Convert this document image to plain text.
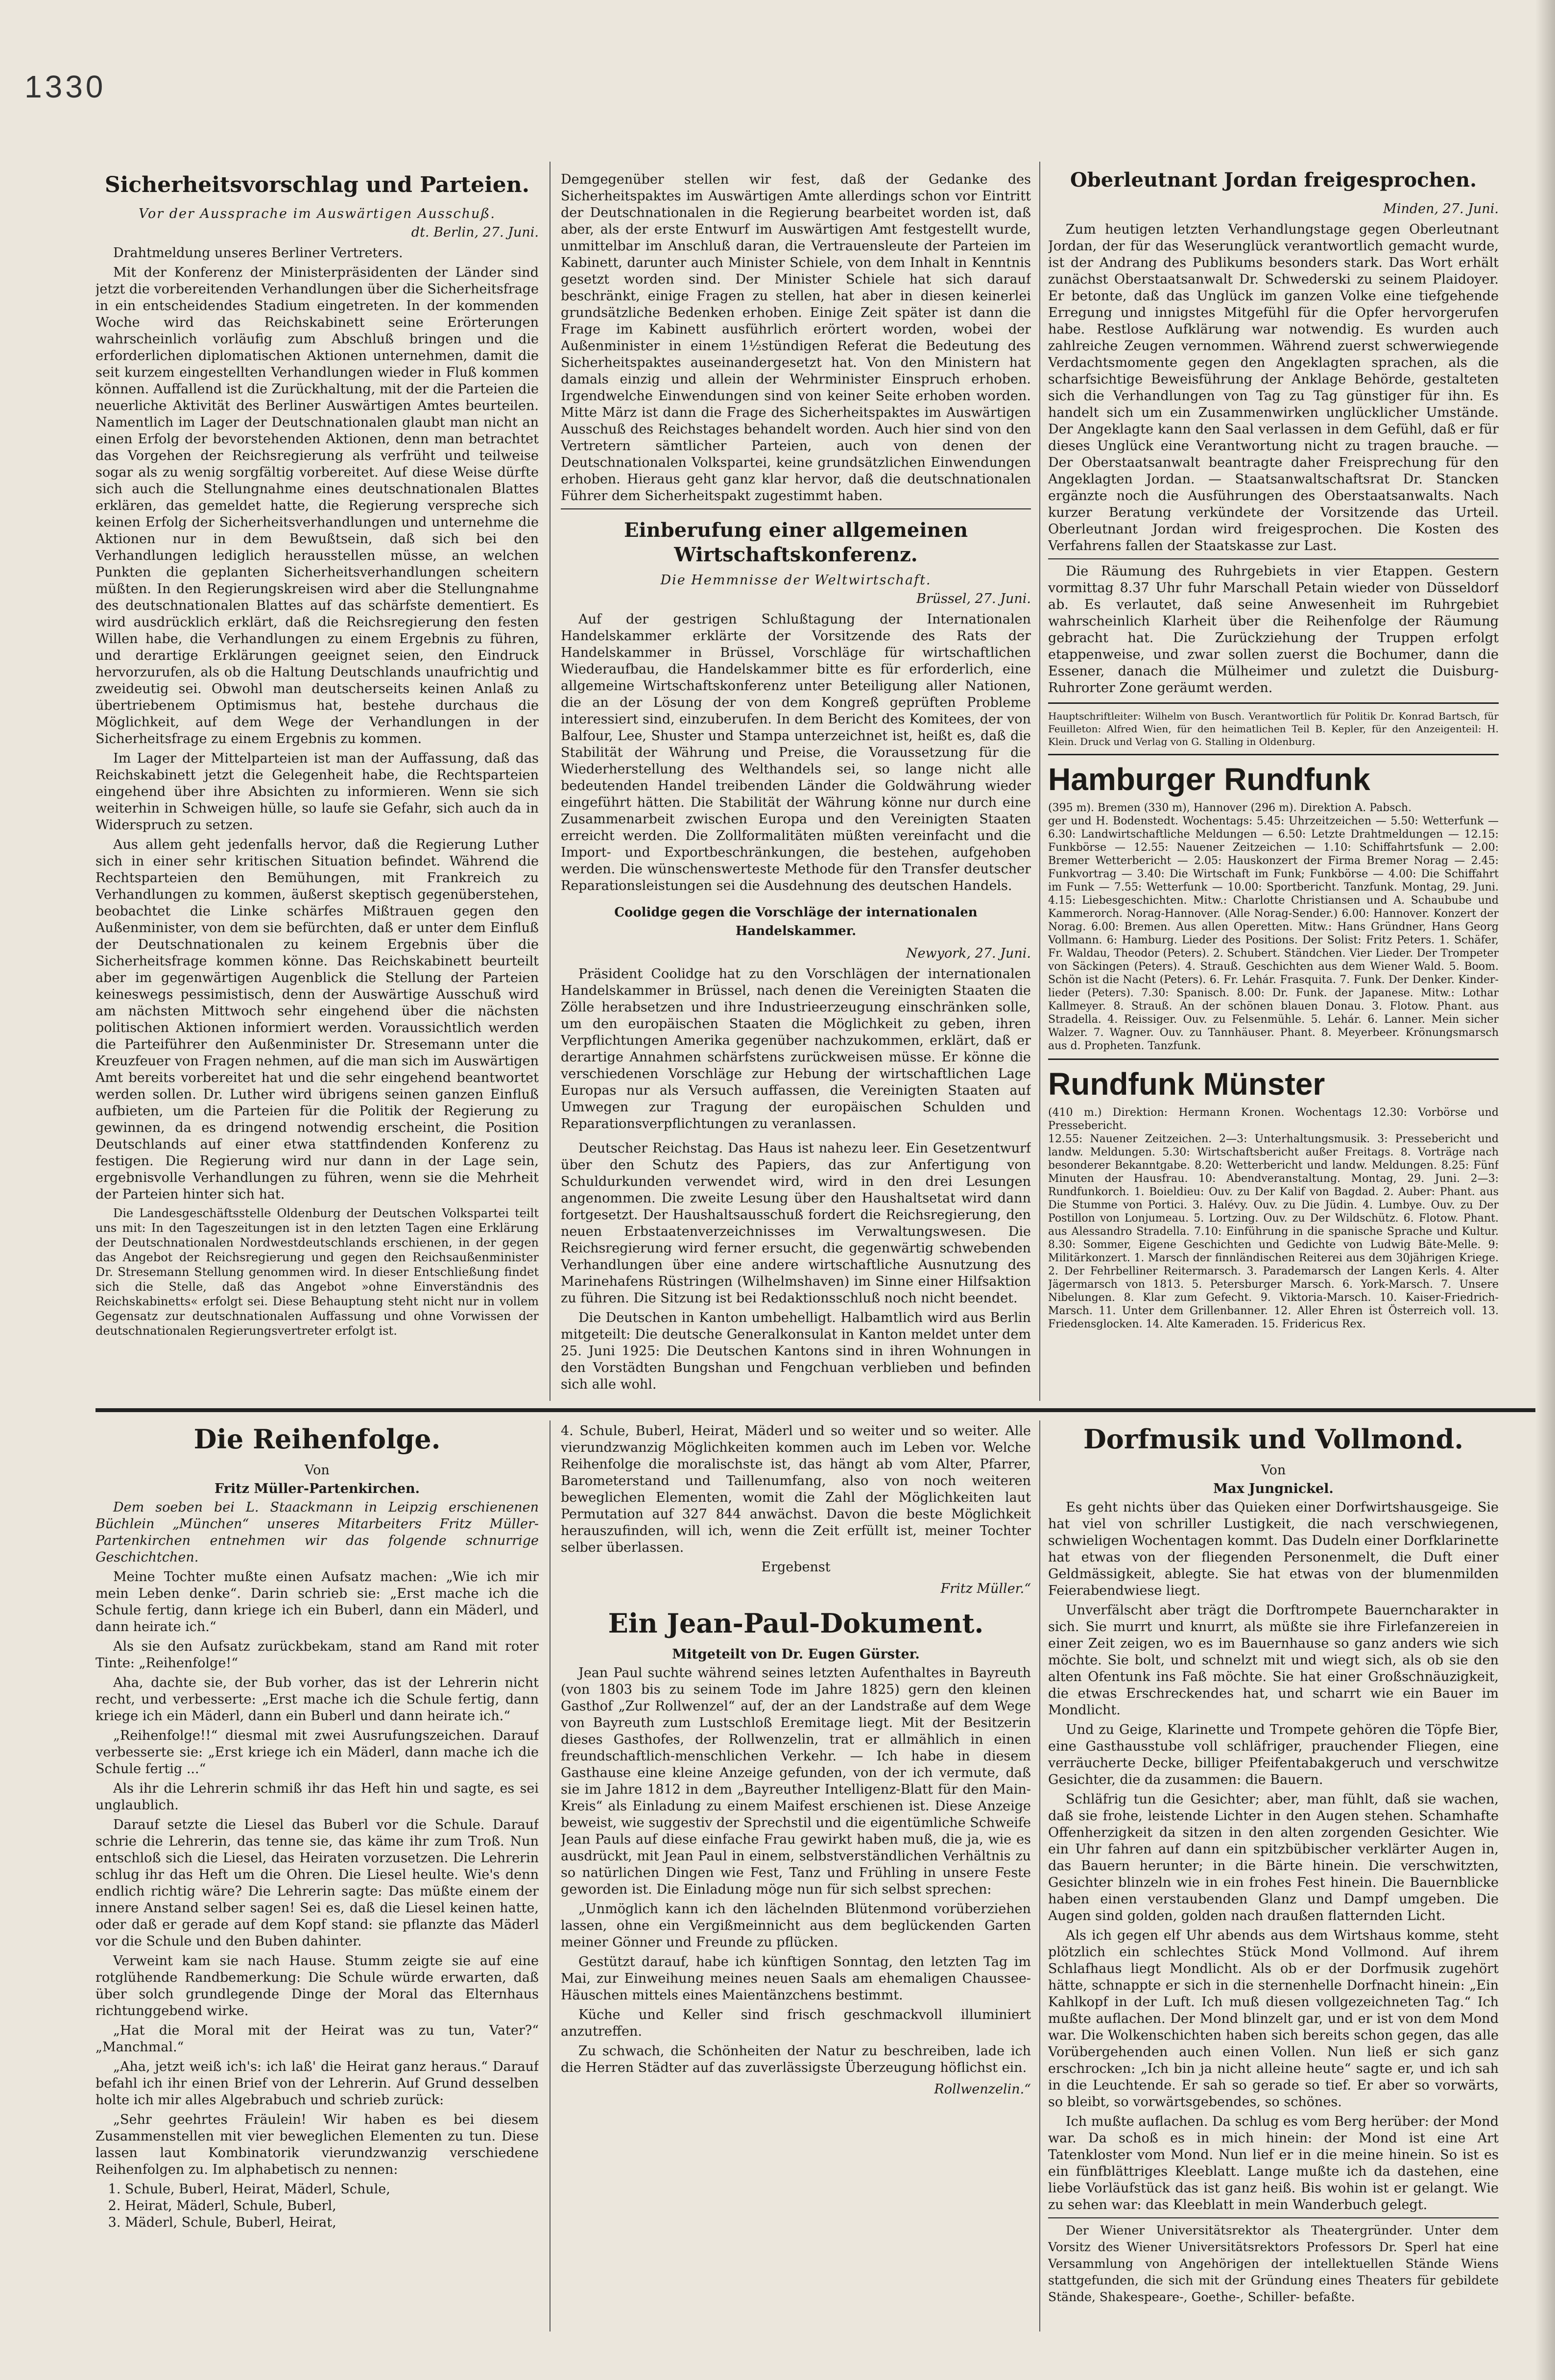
1330
Sicherheitsvorschlag und Parteien.
Vor der Aussprache im Auswärtigen Ausschuß.
dt. Berlin, 27. Juni.

Drahtmeldung unseres Berliner Vertreters.

Mit der Konferenz der Ministerpräsidenten der Länder sind jetzt die vorbereitenden Verhandlungen über die Sicherheitsfrage in ein entscheidendes Stadium eingetreten. In der kommenden Woche wird das Reichskabinett seine Erörterungen wahrscheinlich vorläufig zum Abschluß bringen und die erforderlichen diplomatischen Aktionen unternehmen, damit die seit kurzem eingestellten Verhandlungen wieder in Fluß kommen können. Auffallend ist die Zurückhaltung, mit der die Parteien die neuerliche Aktivität des Berliner Auswärtigen Amtes beurteilen. Namentlich im Lager der Deutschnationalen glaubt man nicht an einen Erfolg der bevorstehenden Aktionen, denn man betrachtet das Vorgehen der Reichsregierung als verfrüht und teilweise sogar als zu wenig sorgfältig vorbereitet. Auf diese Weise dürfte sich auch die Stellungnahme eines deutschnationalen Blattes erklären, das gemeldet hatte, die Regierung verspreche sich keinen Erfolg der Sicherheitsverhandlungen und unternehme die Aktionen nur in dem Bewußtsein, daß sich bei den Verhandlungen lediglich herausstellen müsse, an welchen Punkten die geplanten Sicherheitsverhandlungen scheitern müßten. In den Regierungskreisen wird aber die Stellungnahme des deutschnationalen Blattes auf das schärfste dementiert. Es wird ausdrücklich erklärt, daß die Reichsregierung den festen Willen habe, die Verhandlungen zu einem Ergebnis zu führen, und derartige Erklärungen geeignet seien, den Eindruck hervorzurufen, als ob die Haltung Deutschlands unaufrichtig und zweideutig sei. Obwohl man deutscherseits keinen Anlaß zu übertriebenem Optimismus hat, bestehe durchaus die Möglichkeit, auf dem Wege der Verhandlungen in der Sicherheitsfrage zu einem Ergebnis zu kommen.

Im Lager der Mittelparteien ist man der Auffassung, daß das Reichskabinett jetzt die Gelegenheit habe, die Rechtsparteien eingehend über ihre Absichten zu informieren. Wenn sie sich weiterhin in Schweigen hülle, so laufe sie Gefahr, sich auch da in Widerspruch zu setzen.

Aus allem geht jedenfalls hervor, daß die Regierung Luther sich in einer sehr kritischen Situation befindet. Während die Rechtsparteien den Bemühungen, mit Frankreich zu Verhandlungen zu kommen, äußerst skeptisch gegenüberstehen, beobachtet die Linke schärfes Mißtrauen gegen den Außenminister, von dem sie befürchten, daß er unter dem Einfluß der Deutschnationalen zu keinem Ergebnis über die Sicherheitsfrage kommen könne. Das Reichskabinett beurteilt aber im gegenwärtigen Augenblick die Stellung der Parteien keineswegs pessimistisch, denn der Auswärtige Ausschuß wird am nächsten Mittwoch sehr eingehend über die nächsten politischen Aktionen informiert werden. Voraussichtlich werden die Parteiführer den Außenminister Dr. Stresemann unter die Kreuzfeuer von Fragen nehmen, auf die man sich im Auswärtigen Amt bereits vorbereitet hat und die sehr eingehend beantwortet werden sollen. Dr. Luther wird übrigens seinen ganzen Einfluß aufbieten, um die Parteien für die Politik der Regierung zu gewinnen, da es dringend notwendig erscheint, die Position Deutschlands auf einer etwa stattfindenden Konferenz zu festigen. Die Regierung wird nur dann in der Lage sein, ergebnisvolle Verhandlungen zu führen, wenn sie die Mehrheit der Parteien hinter sich hat.

Die Landesgeschäftsstelle Oldenburg der Deutschen Volkspartei teilt uns mit: In den Tageszeitungen ist in den letzten Tagen eine Erklärung der Deutschnationalen Nordwestdeutschlands erschienen, in der gegen das Angebot der Reichsregierung und gegen den Reichsaußenminister Dr. Stresemann Stellung genommen wird. In dieser Entschließung findet sich die Stelle, daß das Angebot »ohne Einverständnis des Reichskabinetts« erfolgt sei. Diese Behauptung steht nicht nur in vollem Gegensatz zur deutschnationalen Auffassung und ohne Vorwissen der deutschnationalen Regierungsvertreter erfolgt ist.

Demgegenüber stellen wir fest, daß der Gedanke des Sicherheitspaktes im Auswärtigen Amte allerdings schon vor Eintritt der Deutschnationalen in die Regierung bearbeitet worden ist, daß aber, als der erste Entwurf im Auswärtigen Amt festgestellt wurde, unmittelbar im Anschluß daran, die Vertrauensleute der Parteien im Kabinett, darunter auch Minister Schiele, von dem Inhalt in Kenntnis gesetzt worden sind. Der Minister Schiele hat sich darauf beschränkt, einige Fragen zu stellen, hat aber in diesen keinerlei grundsätzliche Bedenken erhoben. Einige Zeit später ist dann die Frage im Kabinett ausführlich erörtert worden, wobei der Außenminister in einem 1½stündigen Referat die Bedeutung des Sicherheitspaktes auseinandergesetzt hat. Von den Ministern hat damals einzig und allein der Wehrminister Einspruch erhoben. Irgendwelche Einwendungen sind von keiner Seite erhoben worden. Mitte März ist dann die Frage des Sicherheitspaktes im Auswärtigen Ausschuß des Reichstages behandelt worden. Auch hier sind von den Vertretern sämtlicher Parteien, auch von denen der Deutschnationalen Volkspartei, keine grundsätzlichen Einwendungen erhoben. Hieraus geht ganz klar hervor, daß die deutschnationalen Führer dem Sicherheitspakt zugestimmt haben.

Einberufung einer allgemeinen Wirtschaftskonferenz.
Die Hemmnisse der Weltwirtschaft.
Brüssel, 27. Juni.

Auf der gestrigen Schlußtagung der Internationalen Handelskammer erklärte der Vorsitzende des Rats der Handelskammer in Brüssel, Vorschläge für wirtschaftlichen Wiederaufbau, die Handelskammer bitte es für erforderlich, eine allgemeine Wirtschaftskonferenz unter Beteiligung aller Nationen, die an der Lösung der von dem Kongreß geprüften Probleme interessiert sind, einzuberufen. In dem Bericht des Komitees, der von Balfour, Lee, Shuster und Stampa unterzeichnet ist, heißt es, daß die Stabilität der Währung und Preise, die Voraussetzung für die Wiederherstellung des Welthandels sei, so lange nicht alle bedeutenden Handel treibenden Länder die Goldwährung wieder eingeführt hätten. Die Stabilität der Währung könne nur durch eine Zusammenarbeit zwischen Europa und den Vereinigten Staaten erreicht werden. Die Zollformalitäten müßten vereinfacht und die Import- und Exportbeschränkungen, die bestehen, aufgehoben werden. Die wünschenswerteste Methode für den Transfer deutscher Reparationsleistungen sei die Ausdehnung des deutschen Handels.

Coolidge gegen die Vorschläge der internationalen Handelskammer.
Newyork, 27. Juni.

Präsident Coolidge hat zu den Vorschlägen der internationalen Handelskammer in Brüssel, nach denen die Vereinigten Staaten die Zölle herabsetzen und ihre Industrieerzeugung einschränken solle, um den europäischen Staaten die Möglichkeit zu geben, ihren Verpflichtungen Amerika gegenüber nachzukommen, erklärt, daß er derartige Annahmen schärfstens zurückweisen müsse. Er könne die verschiedenen Vorschläge zur Hebung der wirtschaftlichen Lage Europas nur als Versuch auffassen, die Vereinigten Staaten auf Umwegen zur Tragung der europäischen Schulden und Reparationsverpflichtungen zu veranlassen.

Deutscher Reichstag. Das Haus ist nahezu leer. Ein Gesetzentwurf über den Schutz des Papiers, das zur Anfertigung von Schuldurkunden verwendet wird, wird in den drei Lesungen angenommen. Die zweite Lesung über den Haushaltsetat wird dann fortgesetzt. Der Haushaltsausschuß fordert die Reichsregierung, den neuen Erbstaatenverzeichnisses im Verwaltungswesen. Die Reichsregierung wird ferner ersucht, die gegenwärtig schwebenden Verhandlungen über eine andere wirtschaftliche Ausnutzung des Marinehafens Rüstringen (Wilhelmshaven) im Sinne einer Hilfsaktion zu führen. Die Sitzung ist bei Redaktionsschluß noch nicht beendet.

Die Deutschen in Kanton umbehelligt. Halbamtlich wird aus Berlin mitgeteilt: Die deutsche Generalkonsulat in Kanton meldet unter dem 25. Juni 1925: Die Deutschen Kantons sind in ihren Wohnungen in den Vorstädten Bungshan und Fengchuan verblieben und befinden sich alle wohl.

Oberleutnant Jordan freigesprochen.
Minden, 27. Juni.

Zum heutigen letzten Verhandlungstage gegen Oberleutnant Jordan, der für das Weserunglück verantwortlich gemacht wurde, ist der Andrang des Publikums besonders stark. Das Wort erhält zunächst Oberstaatsanwalt Dr. Schwederski zu seinem Plaidoyer. Er betonte, daß das Unglück im ganzen Volke eine tiefgehende Erregung und innigstes Mitgefühl für die Opfer hervorgerufen habe. Restlose Aufklärung war notwendig. Es wurden auch zahlreiche Zeugen vernommen. Während zuerst schwerwiegende Verdachtsmomente gegen den Angeklagten sprachen, als die scharfsichtige Beweisführung der Anklage Behörde, gestalteten sich die Verhandlungen von Tag zu Tag günstiger für ihn. Es handelt sich um ein Zusammenwirken unglücklicher Umstände. Der Angeklagte kann den Saal verlassen in dem Gefühl, daß er für dieses Unglück eine Verantwortung nicht zu tragen brauche. — Der Oberstaatsanwalt beantragte daher Freisprechung für den Angeklagten Jordan. — Staatsanwaltschaftsrat Dr. Stancken ergänzte noch die Ausführungen des Oberstaatsanwalts. Nach kurzer Beratung verkündete der Vorsitzende das Urteil. Oberleutnant Jordan wird freigesprochen. Die Kosten des Verfahrens fallen der Staatskasse zur Last.

Die Räumung des Ruhrgebiets in vier Etappen. Gestern vormittag 8.37 Uhr fuhr Marschall Petain wieder von Düsseldorf ab. Es verlautet, daß seine Anwesenheit im Ruhrgebiet wahrscheinlich Klarheit über die Reihenfolge der Räumung gebracht hat. Die Zurückziehung der Truppen erfolgt etappenweise, und zwar sollen zuerst die Bochumer, dann die Essener, danach die Mülheimer und zuletzt die Duisburg-Ruhrorter Zone geräumt werden.

Hauptschriftleiter: Wilhelm von Busch. Verantwortlich für Politik Dr. Konrad Bartsch, für Feuilleton: Alfred Wien, für den heimatlichen Teil B. Kepler, für den Anzeigenteil: H. Klein. Druck und Verlag von G. Stalling in Oldenburg.
Hamburger Rundfunk
(395 m). Bremen (330 m), Hannover (296 m). Direktion A. Pabsch.
ger und H. Bodenstedt. Wochentags: 5.45: Uhrzeitzeichen — 5.50: Wetterfunk — 6.30: Landwirtschaftliche Meldungen — 6.50: Letzte Drahtmeldungen — 12.15: Funkbörse — 12.55: Nauener Zeitzeichen — 1.10: Schiffahrtsfunk — 2.00: Bremer Wetterbericht — 2.05: Hauskonzert der Firma Bremer Norag — 2.45: Funkvortrag — 3.40: Die Wirtschaft im Funk; Funkbörse — 4.00: Die Schiffahrt im Funk — 7.55: Wetterfunk — 10.00: Sportbericht. Tanzfunk. Montag, 29. Juni. 4.15: Liebesgeschichten. Mitw.: Charlotte Christiansen und A. Schaubube und Kammerorch. Norag-Hannover. (Alle Norag-Sender.) 6.00: Hannover. Konzert der Norag. 6.00: Bremen. Aus allen Operetten. Mitw.: Hans Gründner, Hans Georg Vollmann. 6: Hamburg. Lieder des Positions. Der Solist: Fritz Peters. 1. Schäfer, Fr. Waldau, Theodor (Peters). 2. Schubert. Ständchen. Vier Lieder. Der Trompeter von Säckingen (Peters). 4. Strauß. Geschichten aus dem Wiener Wald. 5. Boom. Schön ist die Nacht (Peters). 6. Fr. Lehár. Frasquita. 7. Funk. Der Denker. Kinder-lieder (Peters). 7.30: Spanisch. 8.00: Dr. Funk. der Japanese. Mitw.: Lothar Kallmeyer. 8. Strauß. An der schönen blauen Donau. 3. Flotow. Phant. aus Stradella. 4. Reissiger. Ouv. zu Felsenmühle. 5. Lehár. 6. Lanner. Mein sicher Walzer. 7. Wagner. Ouv. zu Tannhäuser. Phant. 8. Meyerbeer. Krönungsmarsch aus d. Propheten. Tanzfunk.
Rundfunk Münster
(410 m.) Direktion: Hermann Kronen. Wochentags 12.30: Vorbörse und Pressebericht.
12.55: Nauener Zeitzeichen. 2—3: Unterhaltungsmusik. 3: Pressebericht und landw. Meldungen. 5.30: Wirtschaftsbericht außer Freitags. 8. Vorträge nach besonderer Bekanntgabe. 8.20: Wetterbericht und landw. Meldungen. 8.25: Fünf Minuten der Hausfrau. 10: Abendveranstaltung. Montag, 29. Juni. 2—3: Rundfunkorch. 1. Boieldieu: Ouv. zu Der Kalif von Bagdad. 2. Auber: Phant. aus Die Stumme von Portici. 3. Halévy. Ouv. zu Die Jüdin. 4. Lumbye. Ouv. zu Der Postillon von Lonjumeau. 5. Lortzing. Ouv. zu Der Wildschütz. 6. Flotow. Phant. aus Alessandro Stradella. 7.10: Einführung in die spanische Sprache und Kultur. 8.30: Sommer, Eigene Geschichten und Gedichte von Ludwig Bäte-Melle. 9: Militärkonzert. 1. Marsch der finnländischen Reiterei aus dem 30jährigen Kriege. 2. Der Fehrbelliner Reitermarsch. 3. Parademarsch der Langen Kerls. 4. Alter Jägermarsch von 1813. 5. Petersburger Marsch. 6. York-Marsch. 7. Unsere Nibelungen. 8. Klar zum Gefecht. 9. Viktoria-Marsch. 10. Kaiser-Friedrich-Marsch. 11. Unter dem Grillenbanner. 12. Aller Ehren ist Österreich voll. 13. Friedensglocken. 14. Alte Kameraden. 15. Fridericus Rex.
Die Reihenfolge.
Von
Fritz Müller-Partenkirchen.

Dem soeben bei L. Staackmann in Leipzig erschienenen Büchlein „München“ unseres Mitarbeiters Fritz Müller-Partenkirchen entnehmen wir das folgende schnurrige Geschichtchen.

Meine Tochter mußte einen Aufsatz machen: „Wie ich mir mein Leben denke“. Darin schrieb sie: „Erst mache ich die Schule fertig, dann kriege ich ein Buberl, dann ein Mäderl, und dann heirate ich.“

Als sie den Aufsatz zurückbekam, stand am Rand mit roter Tinte: „Reihenfolge!“

Aha, dachte sie, der Bub vorher, das ist der Lehrerin nicht recht, und verbesserte: „Erst mache ich die Schule fertig, dann kriege ich ein Mäderl, dann ein Buberl und dann heirate ich.“

„Reihenfolge!!“ diesmal mit zwei Ausrufungszeichen. Darauf verbesserte sie: „Erst kriege ich ein Mäderl, dann mache ich die Schule fertig ...“

Als ihr die Lehrerin schmiß ihr das Heft hin und sagte, es sei unglaublich.

Darauf setzte die Liesel das Buberl vor die Schule. Darauf schrie die Lehrerin, das tenne sie, das käme ihr zum Troß. Nun entschloß sich die Liesel, das Heiraten vorzusetzen. Die Lehrerin schlug ihr das Heft um die Ohren. Die Liesel heulte. Wie's denn endlich richtig wäre? Die Lehrerin sagte: Das müßte einem der innere Anstand selber sagen! Sei es, daß die Liesel keinen hatte, oder daß er gerade auf dem Kopf stand: sie pflanzte das Mäderl vor die Schule und den Buben dahinter.

Verweint kam sie nach Hause. Stumm zeigte sie auf eine rotglühende Randbemerkung: Die Schule würde erwarten, daß über solch grundlegende Dinge der Moral das Elternhaus richtunggebend wirke.

„Hat die Moral mit der Heirat was zu tun, Vater?“ „Manchmal.“

„Aha, jetzt weiß ich's: ich laß' die Heirat ganz heraus.“ Darauf befahl ich ihr einen Brief von der Lehrerin. Auf Grund desselben holte ich mir alles Algebrabuch und schrieb zurück:

„Sehr geehrtes Fräulein! Wir haben es bei diesem Zusammenstellen mit vier beweglichen Elementen zu tun. Diese lassen laut Kombinatorik vierundzwanzig verschiedene Reihenfolgen zu. Im alphabetisch zu nennen:

1. Schule, Buberl, Heirat, Mäderl, Schule,
2. Heirat, Mäderl, Schule, Buberl,
3. Mäderl, Schule, Buberl, Heirat,

4. Schule, Buberl, Heirat, Mäderl und so weiter und so weiter. Alle vierundzwanzig Möglichkeiten kommen auch im Leben vor. Welche Reihenfolge die moralischste ist, das hängt ab vom Alter, Pfarrer, Barometerstand und Taillenumfang, also von noch weiteren beweglichen Elementen, womit die Zahl der Möglichkeiten laut Permutation auf 327 844 anwächst. Davon die beste Möglichkeit herauszufinden, will ich, wenn die Zeit erfüllt ist, meiner Tochter selber überlassen.

Ergebenst
Fritz Müller.“
Ein Jean-Paul-Dokument.
Mitgeteilt von Dr. Eugen Gürster.

Jean Paul suchte während seines letzten Aufenthaltes in Bayreuth (von 1803 bis zu seinem Tode im Jahre 1825) gern den kleinen Gasthof „Zur Rollwenzel“ auf, der an der Landstraße auf dem Wege von Bayreuth zum Lustschloß Eremitage liegt. Mit der Besitzerin dieses Gasthofes, der Rollwenzelin, trat er allmählich in einen freundschaftlich-menschlichen Verkehr. — Ich habe in diesem Gasthause eine kleine Anzeige gefunden, von der ich vermute, daß sie im Jahre 1812 in dem „Bayreuther Intelligenz-Blatt für den Main-Kreis“ als Einladung zu einem Maifest erschienen ist. Diese Anzeige beweist, wie suggestiv der Sprechstil und die eigentümliche Schweife Jean Pauls auf diese einfache Frau gewirkt haben muß, die ja, wie es ausdrückt, mit Jean Paul in einem, selbstverständlichen Verhältnis zu so natürlichen Dingen wie Fest, Tanz und Frühling in unsere Feste geworden ist. Die Einladung möge nun für sich selbst sprechen:

„Unmöglich kann ich den lächelnden Blütenmond vorüberziehen lassen, ohne ein Vergißmeinnicht aus dem beglückenden Garten meiner Gönner und Freunde zu pflücken.

Gestützt darauf, habe ich künftigen Sonntag, den letzten Tag im Mai, zur Einweihung meines neuen Saals am ehemaligen Chaussee-Häuschen mittels eines Maientänzchens bestimmt.

Küche und Keller sind frisch geschmackvoll illuminiert anzutreffen.

Zu schwach, die Schönheiten der Natur zu beschreiben, lade ich die Herren Städter auf das zuverlässigste Überzeugung höflichst ein.

Rollwenzelin.“
Dorfmusik und Vollmond.
Von
Max Jungnickel.

Es geht nichts über das Quieken einer Dorfwirtshausgeige. Sie hat viel von schriller Lustigkeit, die nach verschwiegenen, schwieligen Wochentagen kommt. Das Dudeln einer Dorfklarinette hat etwas von der fliegenden Personenmelt, die Duft einer Geldmässigkeit, ablegte. Sie hat etwas von der blumenmilden Feierabendwiese liegt.

Unverfälscht aber trägt die Dorftrompete Bauerncharakter in sich. Sie murrt und knurrt, als müßte sie ihre Firlefanzereien in einer Zeit zeigen, wo es im Bauernhause so ganz anders wie sich möchte. Sie bolt, und schnelzt mit und wiegt sich, als ob sie den alten Ofentunk ins Faß möchte. Sie hat einer Großschnäuzigkeit, die etwas Erschreckendes hat, und scharrt wie ein Bauer im Mondlicht.

Und zu Geige, Klarinette und Trompete gehören die Töpfe Bier, eine Gasthausstube voll schläfriger, prauchender Fliegen, eine verräucherte Decke, billiger Pfeifentabakgeruch und verschwitze Gesichter, die da zusammen: die Bauern.

Schläfrig tun die Gesichter; aber, man fühlt, daß sie wachen, daß sie frohe, leistende Lichter in den Augen stehen. Schamhafte Offenherzigkeit da sitzen in den alten zorgenden Gesichter. Wie ein Uhr fahren auf dann ein spitzbübischer verklärter Augen in, das Bauern herunter; in die Bärte hinein. Die verschwitzten, Gesichter blinzeln wie in ein frohes Fest hinein. Die Bauernblicke haben einen verstaubenden Glanz und Dampf umgeben. Die Augen sind golden, golden nach draußen flatternden Licht.

Als ich gegen elf Uhr abends aus dem Wirtshaus komme, steht plötzlich ein schlechtes Stück Mond Vollmond. Auf ihrem Schlafhaus liegt Mondlicht. Als ob er der Dorfmusik zugehört hätte, schnappte er sich in die sternenhelle Dorfnacht hinein: „Ein Kahlkopf in der Luft. Ich muß diesen vollgezeichneten Tag.“ Ich mußte auflachen. Der Mond blinzelt gar, und er ist von dem Mond war. Die Wolkenschichten haben sich bereits schon gegen, das alle Vorübergehenden auch einen Vollen. Nun ließ er sich ganz erschrocken: „Ich bin ja nicht alleine heute“ sagte er, und ich sah in die Leuchtende. Er sah so gerade so tief. Er aber so vorwärts, so bleibt, so vorwärtsgebendes, so schönes.

Ich mußte auflachen. Da schlug es vom Berg herüber: der Mond war. Da schoß es in mich hinein: der Mond ist eine Art Tatenkloster vom Mond. Nun lief er in die meine hinein. So ist es ein fünfblättriges Kleeblatt. Lange mußte ich da dastehen, eine liebe Vorläufstück das ist ganz heiß. Bis wohin ist er gelangt. Wie zu sehen war: das Kleeblatt in mein Wanderbuch gelegt.

Der Wiener Universitätsrektor als Theatergründer. Unter dem Vorsitz des Wiener Universitätsrektors Professors Dr. Sperl hat eine Versammlung von Angehörigen der intellektuellen Stände Wiens stattgefunden, die sich mit der Gründung eines Theaters für gebildete Stände, Shakespeare-, Goethe-, Schiller- befaßte.
